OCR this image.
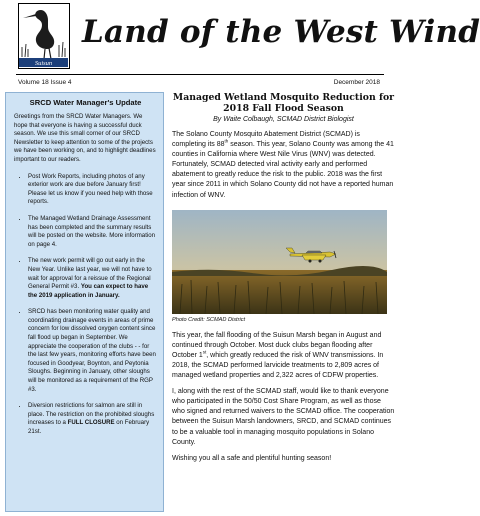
Suisun
Land of the West Wind
Volume 18 Issue 4	December 2018
SRCD Water Manager's Update

Greetings from the SRCD Water Managers. We hope that everyone is having a successful duck season. We use this small corner of our SRCD Newsletter to keep attention to some of the projects we have been working on, and to highlight deadlines important to our readers.

• Post Work Reports, including photos of any exterior work are due before January first! Please let us know if you need help with those reports.
• The Managed Wetland Drainage Assessment has been completed and the summary results will be posted on the website. More information on page 4.
• The new work permit will go out early in the New Year. Unlike last year, we will not have to wait for approval for a reissue of the Regional General Permit #3. You can expect to have the 2019 application in January.
• SRCD has been monitoring water quality and coordinating drainage events in areas of prime concern for low dissolved oxygen content since fall flood up began in September. We appreciate the cooperation of the clubs - - for the last few years, monitoring efforts have been focused in Goodyear, Boynton, and Peytonia Sloughs. Beginning in January, other sloughs will be monitored as a requirement of the RGP #3.
• Diversion restrictions for salmon are still in place. The restriction on the prohibited sloughs increases to a FULL CLOSURE on February 21st.
Managed Wetland Mosquito Reduction for 2018 Fall Flood Season
By Waite Colbaugh, SCMAD District Biologist

The Solano County Mosquito Abatement District (SCMAD) is completing its 88th season. This year, Solano County was among the 41 counties in California where West Nile Virus (WNV) was detected. Fortunately, SCMAD detected viral activity early and performed abatement to greatly reduce the risk to the public. 2018 was the first year since 2011 in which Solano County did not have a reported human infection of WNV.

Photo Credit: SCMAD District

This year, the fall flooding of the Suisun Marsh began in August and continued through October. Most duck clubs began flooding after October 1st, which greatly reduced the risk of WNV transmissions. In 2018, the SCMAD performed larvicide treatments to 2,809 acres of managed wetland properties and 2,322 acres of CDFW properties.

I, along with the rest of the SCMAD staff, would like to thank everyone who participated in the 50/50 Cost Share Program, as well as those who signed and returned waivers to the SCMAD office. The cooperation between the Suisun Marsh landowners, SRCD, and SCMAD continues to be a valuable tool in managing mosquito populations in Solano County.

Wishing you all a safe and plentiful hunting season!
